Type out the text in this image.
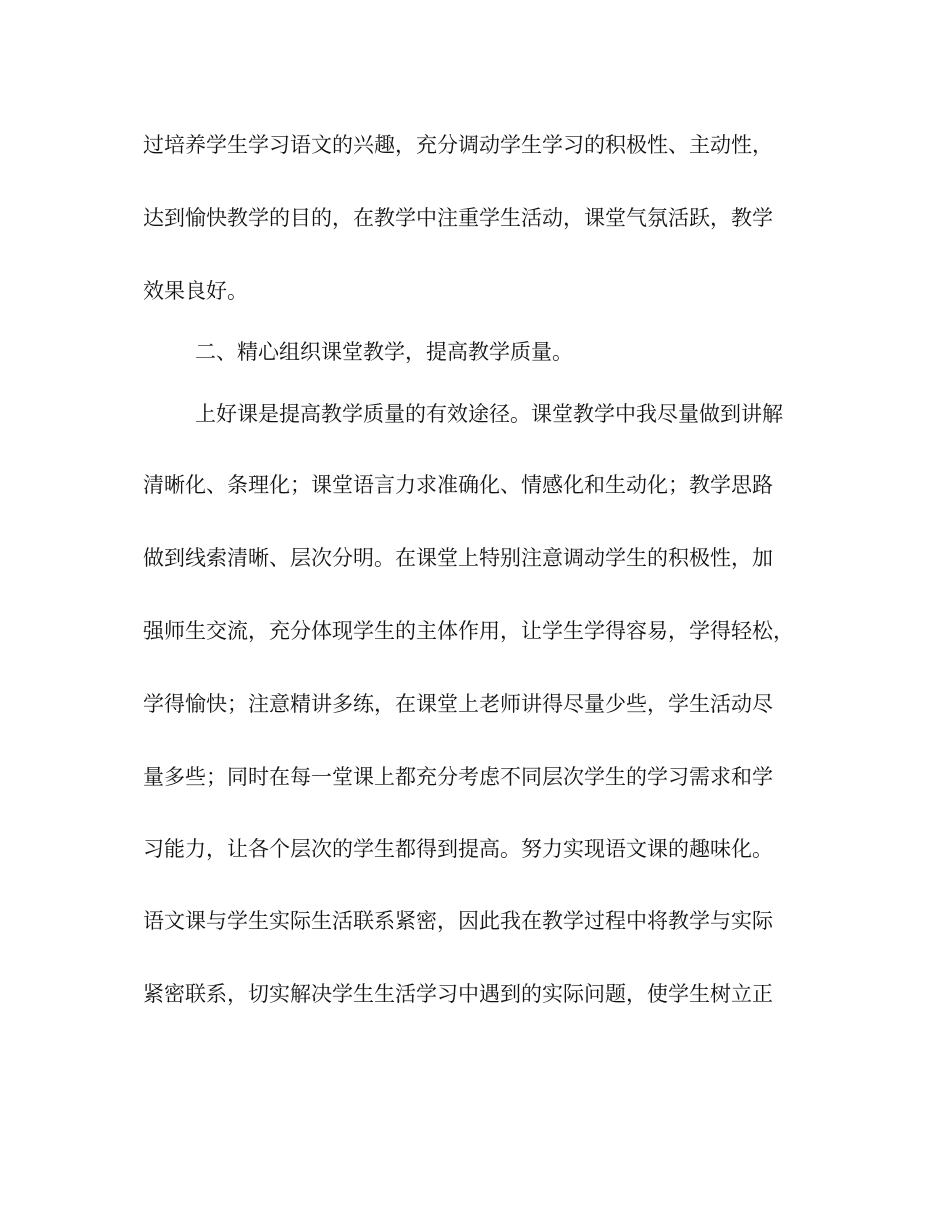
过培养学生学习语文的兴趣，充分调动学生学习的积极性、主动性，

达到愉快教学的目的，在教学中注重学生活动，课堂气氛活跃，教学

效果良好。

二、精心组织课堂教学，提高教学质量。

上好课是提高教学质量的有效途径。课堂教学中我尽量做到讲解

清晰化、条理化；课堂语言力求准确化、情感化和生动化；教学思路

做到线索清晰、层次分明。在课堂上特别注意调动学生的积极性，加

强师生交流，充分体现学生的主体作用，让学生学得容易，学得轻松，

学得愉快；注意精讲多练，在课堂上老师讲得尽量少些，学生活动尽

量多些；同时在每一堂课上都充分考虑不同层次学生的学习需求和学

习能力，让各个层次的学生都得到提高。努力实现语文课的趣味化。

语文课与学生实际生活联系紧密，因此我在教学过程中将教学与实际

紧密联系，切实解决学生生活学习中遇到的实际问题，使学生树立正
